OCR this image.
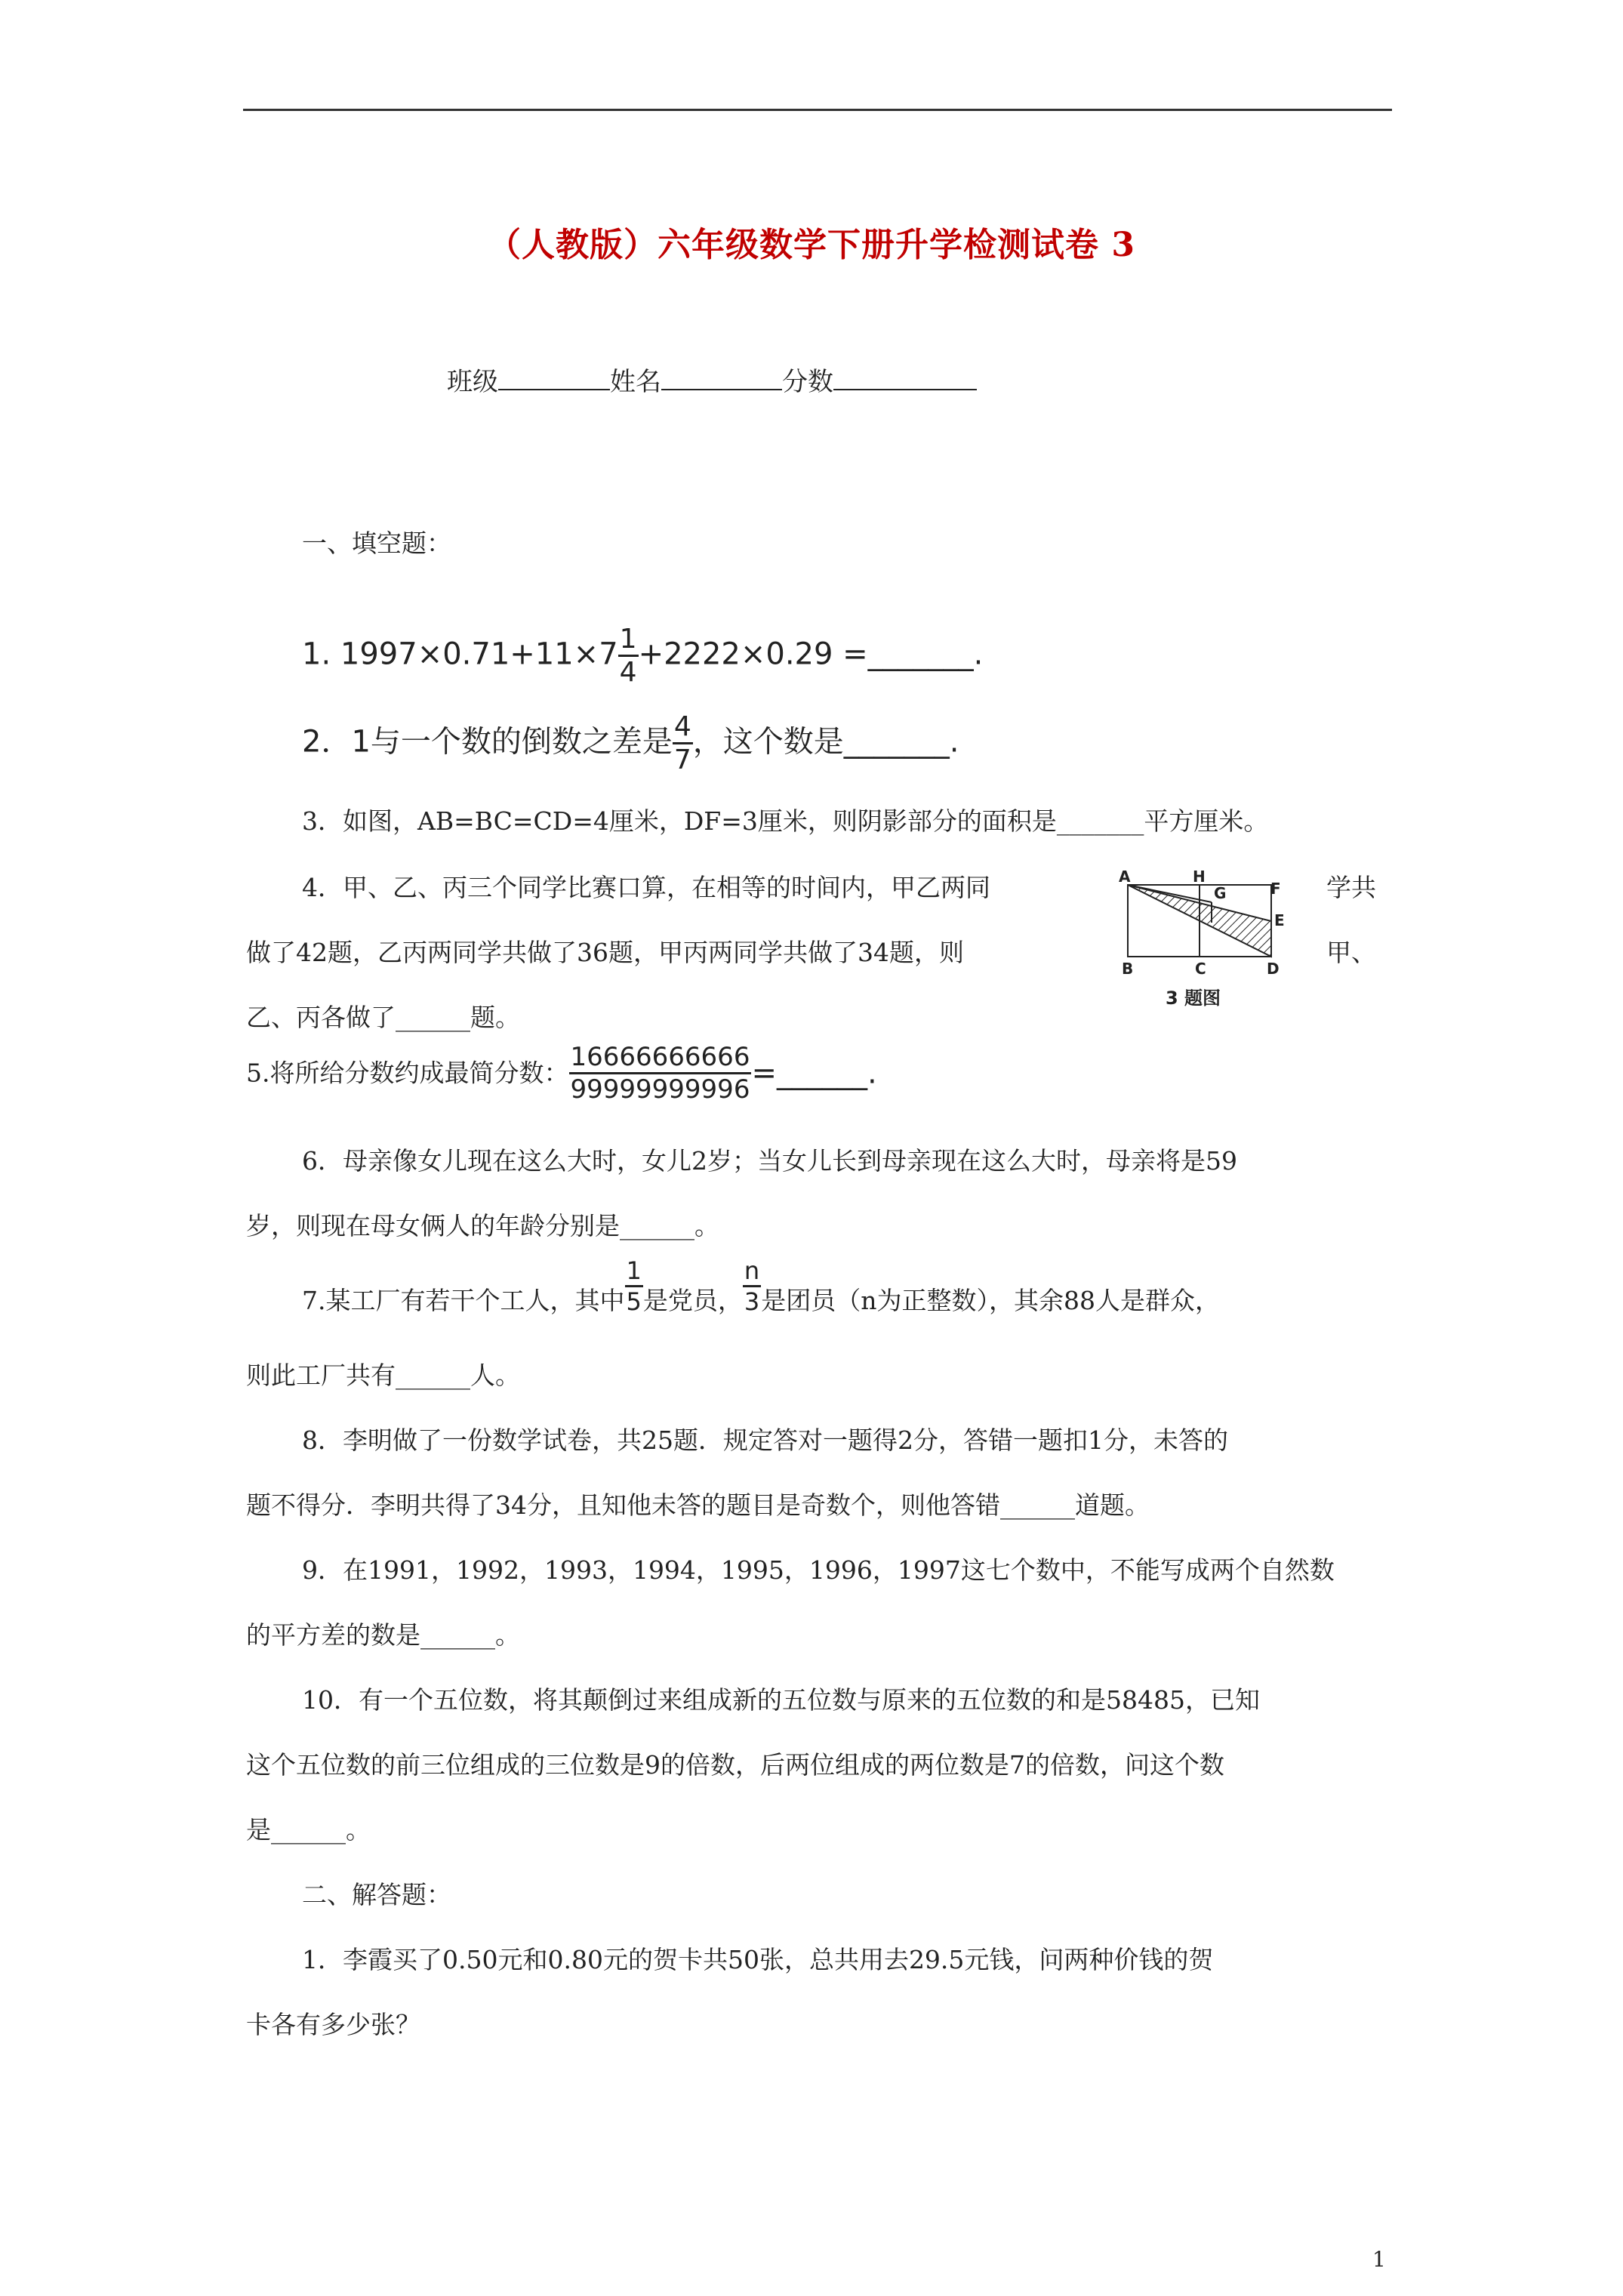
（人教版）六年级数学下册升学检测试卷 3
班级	姓名	分数
一、填空题：
1. $1997\times 0.71+11\times 7 \frac{1}{4} +2222\times 0.29$ =_______.
2．1与一个数的倒数之差是 $\frac{4}{7}$ ，这个数是_______.
3．如图，AB=BC=CD=4厘米，DF=3厘米，则阴影部分的面积是_______平方厘米。
4．甲、乙、丙三个同学比赛口算，在相等的时间内，甲乙两同	学共
做了42题，乙丙两同学共做了36题，甲丙两同学共做了34题，则	甲、
乙、丙各做了______题。
A	H
G	F
E
B	C	D
3 题图
5.将所给分数约成最简分数： $\frac{16666666666}{99999999996}$ =______.
6．母亲像女儿现在这么大时，女儿2岁；当女儿长到母亲现在这么大时，母亲将是59
岁，则现在母女俩人的年龄分别是______。
7.某工厂有若干个工人，其中 $\frac{1}{5}$ 是党员， $\frac{n}{3}$ 是团员（n为正整数），其余88人是群众，
则此工厂共有______人。
8．李明做了一份数学试卷，共25题．规定答对一题得2分，答错一题扣1分，未答的
题不得分．李明共得了34分，且知他未答的题目是奇数个，则他答错______道题。
9．在1991，1992，1993，1994，1995，1996，1997这七个数中，不能写成两个自然数
的平方差的数是______。
10．有一个五位数，将其颠倒过来组成新的五位数与原来的五位数的和是58485，已知
这个五位数的前三位组成的三位数是9的倍数，后两位组成的两位数是7的倍数，问这个数
是______。
二、解答题：
1．李霞买了0.50元和0.80元的贺卡共50张，总共用去29.5元钱，问两种价钱的贺
卡各有多少张？
1
